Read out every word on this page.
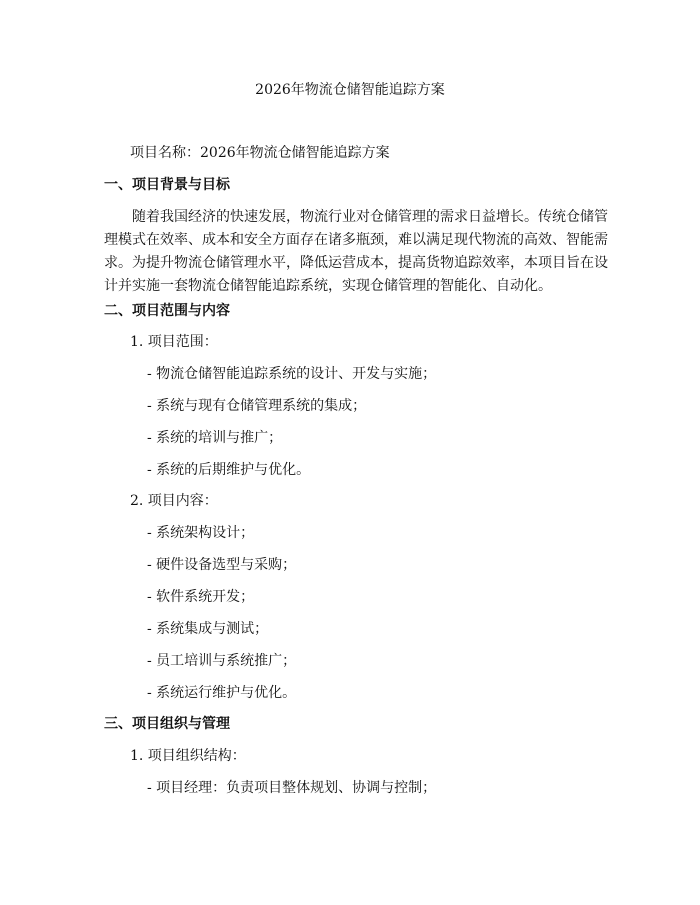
2026年物流仓储智能追踪方案
项目名称：2026年物流仓储智能追踪方案
一、项目背景与目标
随着我国经济的快速发展，物流行业对仓储管理的需求日益增长。传统仓储管
理模式在效率、成本和安全方面存在诸多瓶颈，难以满足现代物流的高效、智能需
求。为提升物流仓储管理水平，降低运营成本，提高货物追踪效率，本项目旨在设
计并实施一套物流仓储智能追踪系统，实现仓储管理的智能化、自动化。
二、项目范围与内容
1. 项目范围：
- 物流仓储智能追踪系统的设计、开发与实施；
- 系统与现有仓储管理系统的集成；
- 系统的培训与推广；
- 系统的后期维护与优化。
2. 项目内容：
- 系统架构设计；
- 硬件设备选型与采购；
- 软件系统开发；
- 系统集成与测试；
- 员工培训与系统推广；
- 系统运行维护与优化。
三、项目组织与管理
1. 项目组织结构：
- 项目经理：负责项目整体规划、协调与控制；
